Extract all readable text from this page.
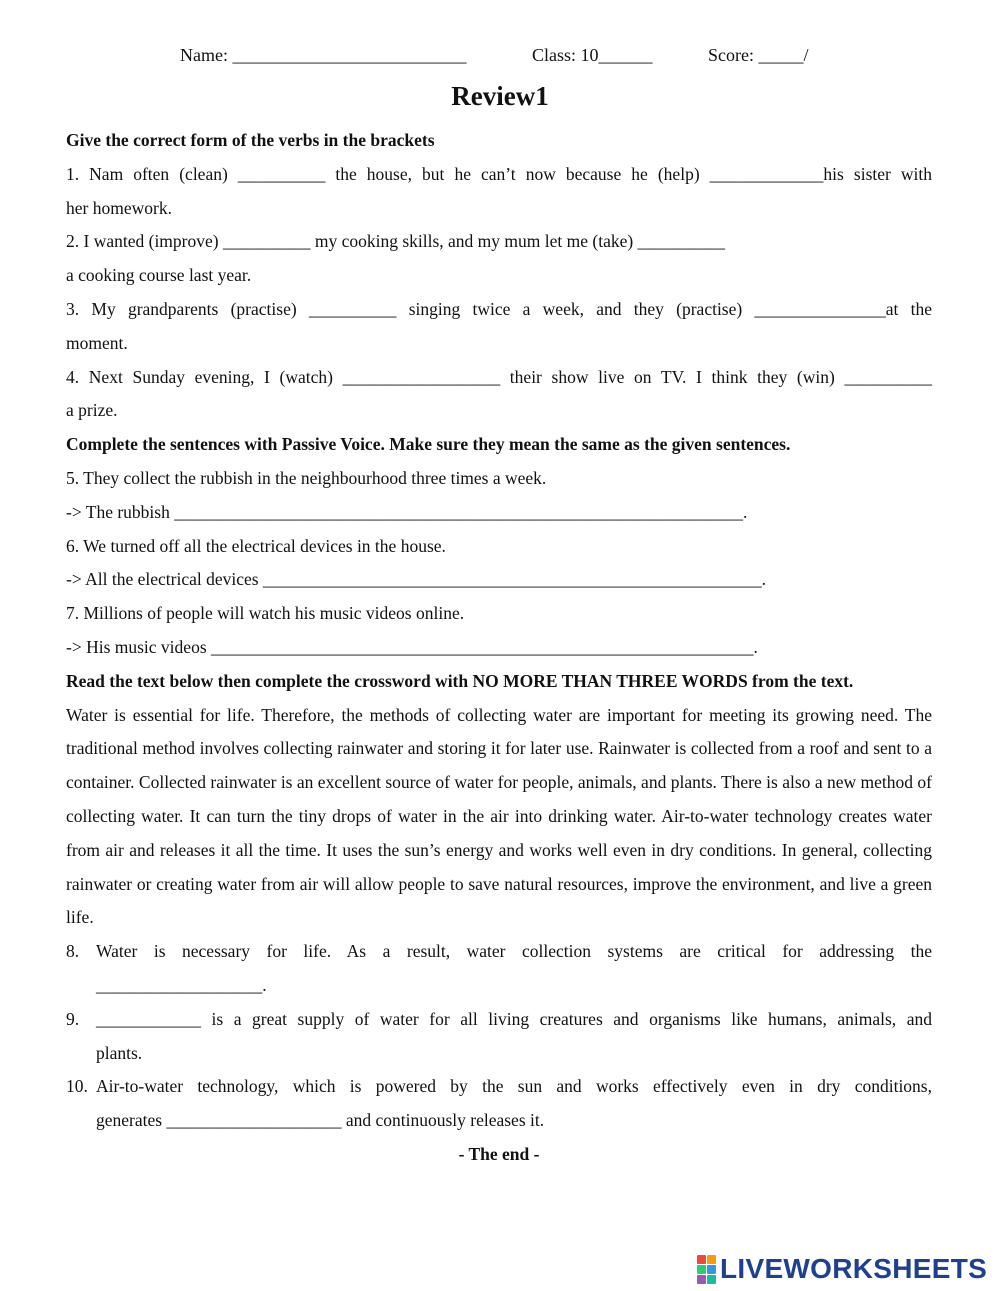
Name: __________________________	Class: 10______	Score: _____/
Review1

Give the correct form of the verbs in the brackets

1. Nam often (clean) __________ the house, but he can’t now because he (help) _____________his sister with

her homework.

2. I wanted (improve) __________ my cooking skills, and my mum let me (take) __________

a cooking course last year.

3. My grandparents (practise) __________ singing twice a week, and they (practise) _______________at the

moment.

4. Next Sunday evening, I (watch) __________________ their show live on TV. I think they (win) __________

a prize.

Complete the sentences with Passive Voice. Make sure they mean the same as the given sentences.

5. They collect the rubbish in the neighbourhood three times a week.

-> The rubbish _________________________________________________________________.

6. We turned off all the electrical devices in the house.

-> All the electrical devices _________________________________________________________.

7. Millions of people will watch his music videos online.

-> His music videos ______________________________________________________________.

Read the text below then complete the crossword with NO MORE THAN THREE WORDS from the text.

Water is essential for life. Therefore, the methods of collecting water are important for meeting its growing need. The traditional method involves collecting rainwater and storing it for later use. Rainwater is collected from a roof and sent to a container. Collected rainwater is an excellent source of water for people, animals, and plants. There is also a new method of collecting water. It can turn the tiny drops of water in the air into drinking water. Air-to-water technology creates water from air and releases it all the time. It uses the sun’s energy and works well even in dry conditions. In general, collecting rainwater or creating water from air will allow people to save natural resources, improve the environment, and live a green life.

8. Water is necessary for life. As a result, water collection systems are critical for addressing the
___________________.
9. ____________ is a great supply of water for all living creatures and organisms like humans, animals, and
plants.
10. Air-to-water technology, which is powered by the sun and works effectively even in dry conditions,
generates ____________________ and continuously releases it.

- The end -

LIVEWORKSHEETS
